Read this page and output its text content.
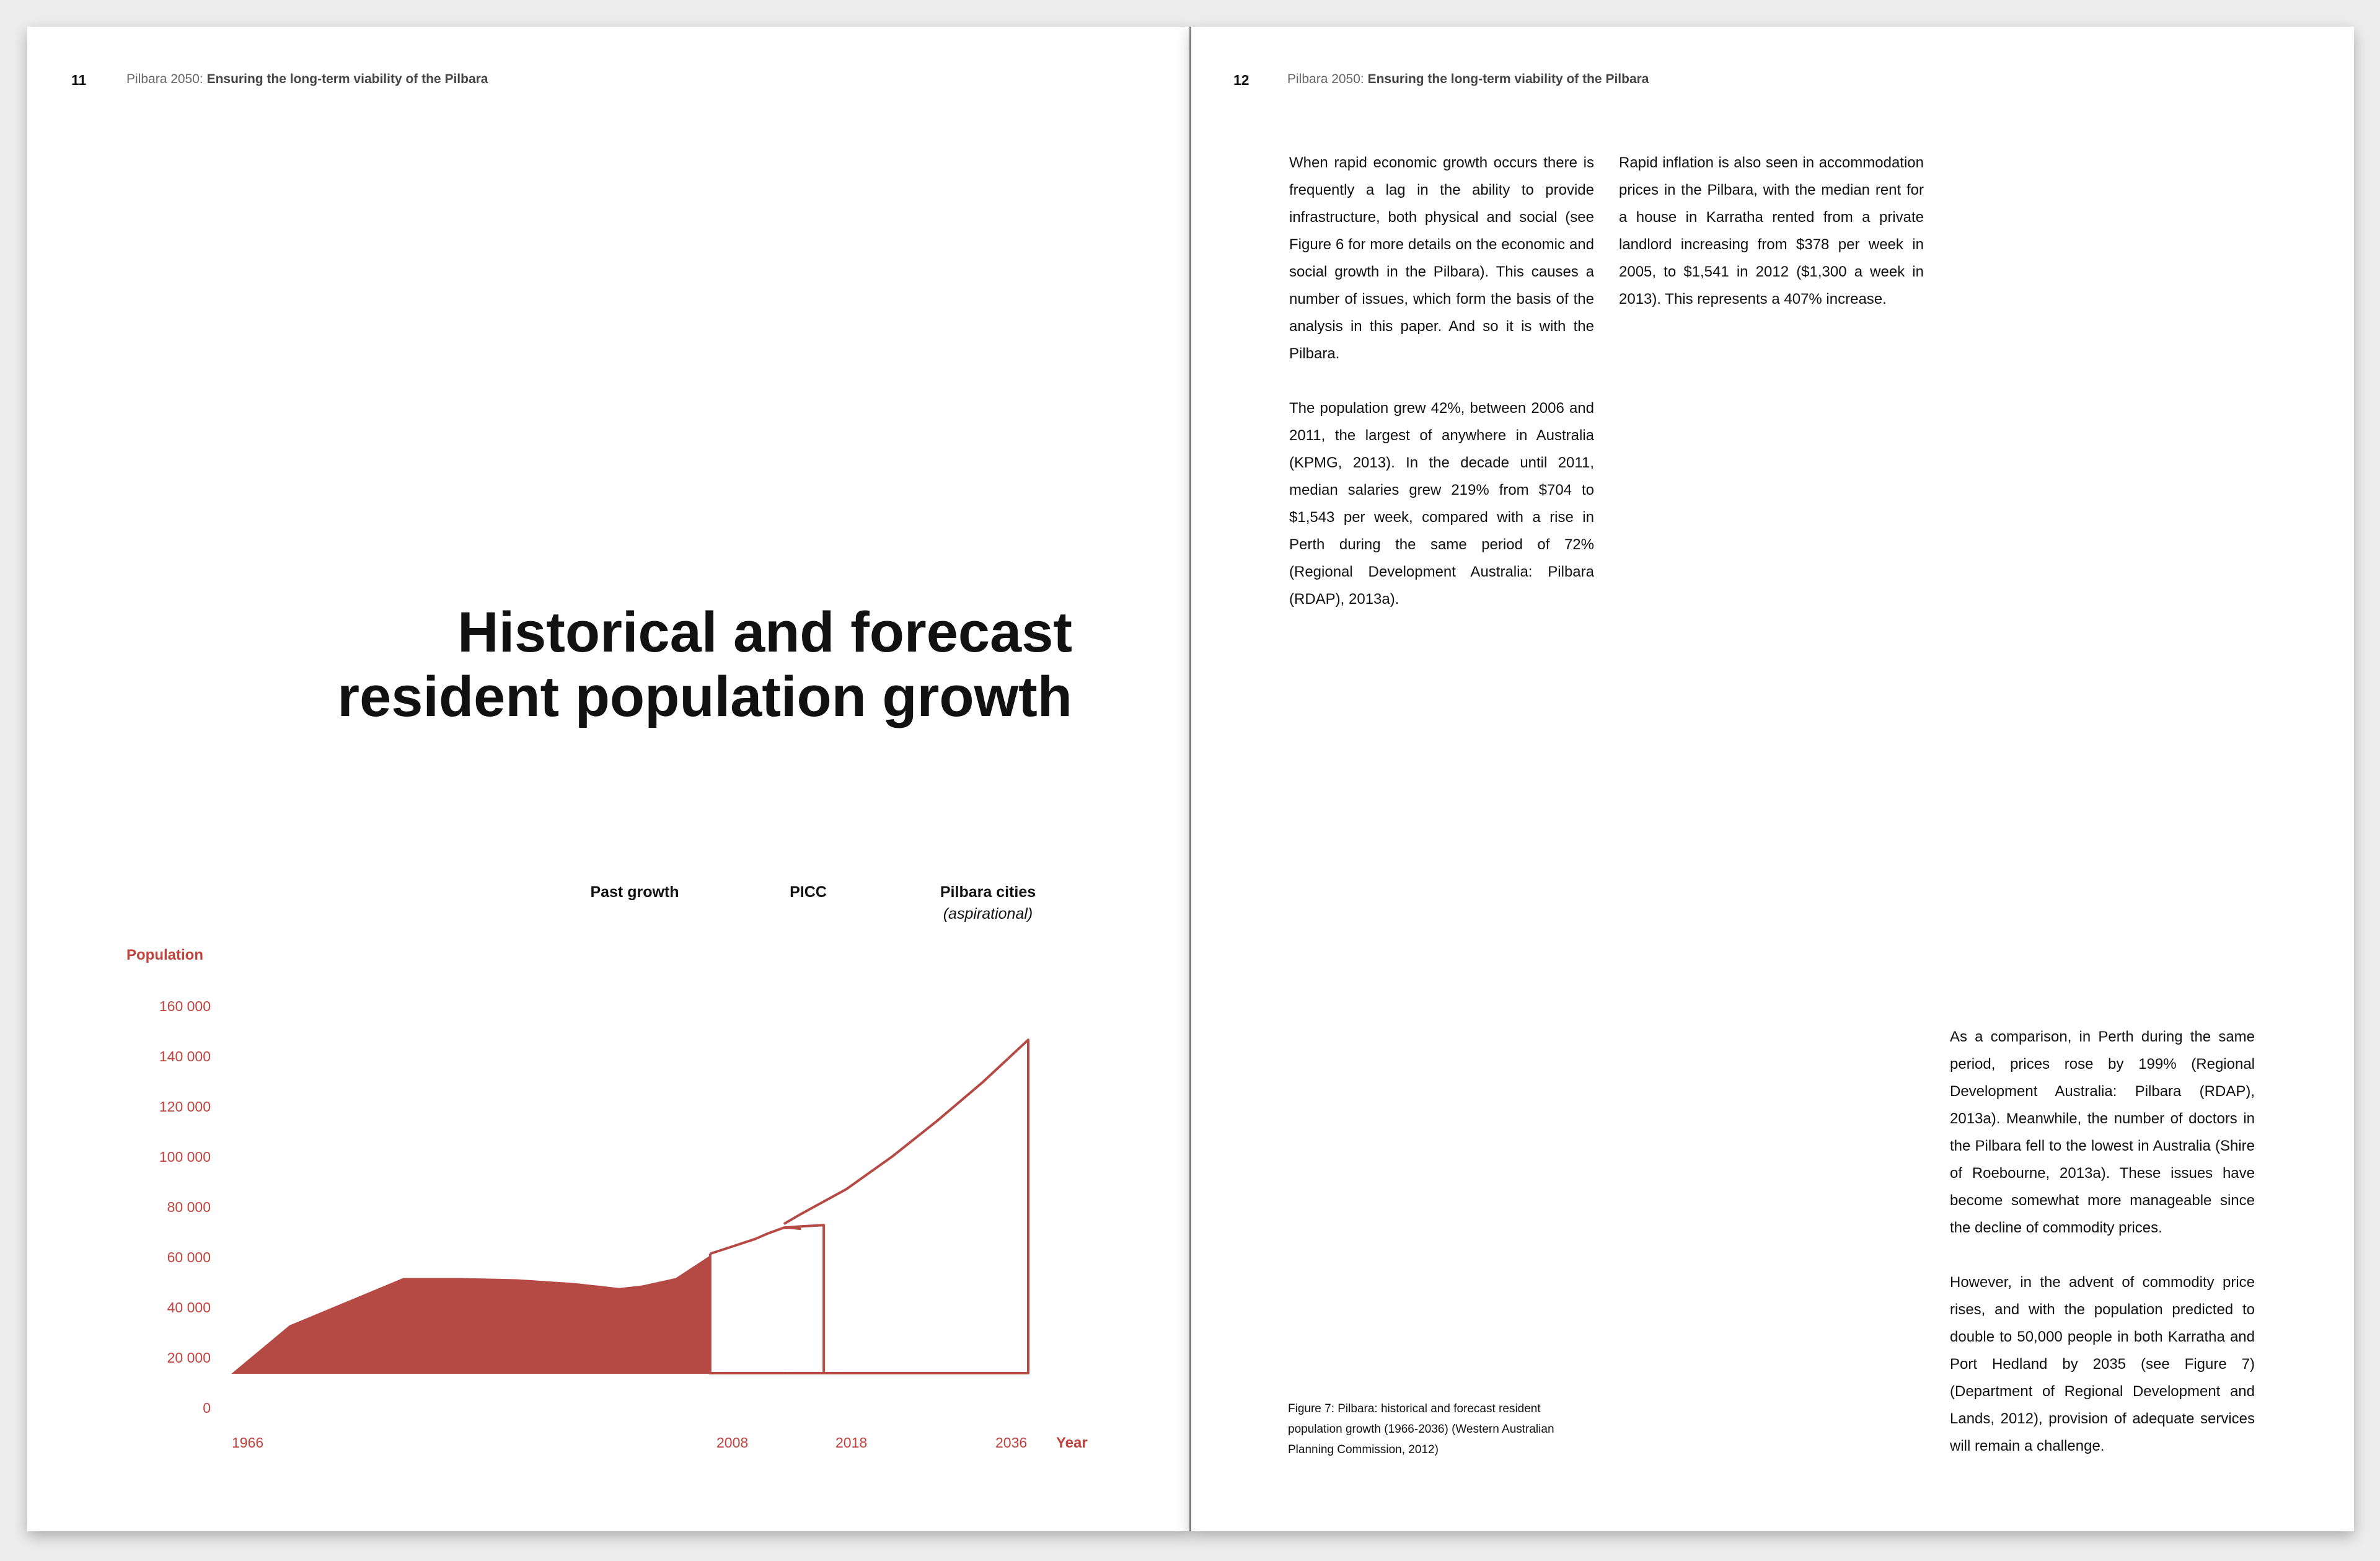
11	Pilbara 2050: Ensuring the long-term viability of the Pilbara
Historical and forecast
resident population growth
Past growth	PICC	Pilbara cities
(aspirational)
Population
Year
0
20 000
40 000
60 000
80 000
100 000
120 000
140 000
160 000
1966	2008	2018	2036
12	Pilbara 2050: Ensuring the long-term viability of the Pilbara

When rapid economic growth occurs there is frequently a lag in the ability to provide infrastructure, both physical and social (see Figure 6 for more details on the economic and social growth in the Pilbara). This causes a number of issues, which form the basis of the analysis in this paper. And so it is with the Pilbara.

The population grew 42%, between 2006 and 2011, the largest of anywhere in Australia (KPMG, 2013). In the decade until 2011, median salaries grew 219% from $704 to $1,543 per week, compared with a rise in Perth during the same period of 72% (Regional Development Australia: Pilbara (RDAP), 2013a).

Rapid inflation is also seen in accommodation prices in the Pilbara, with the median rent for a house in Karratha rented from a private landlord increasing from $378 per week in 2005, to $1,541 in 2012 ($1,300 a week in 2013). This represents a 407% increase.

As a comparison, in Perth during the same period, prices rose by 199% (Regional Development Australia: Pilbara (RDAP), 2013a). Meanwhile, the number of doctors in the Pilbara fell to the lowest in Australia (Shire of Roebourne, 2013a). These issues have become somewhat more manageable since the decline of commodity prices.

However, in the advent of commodity price rises, and with the population predicted to double to 50,000 people in both Karratha and Port Hedland by 2035 (see Figure 7) (Department of Regional Development and Lands, 2012), provision of adequate services will remain a challenge.

Figure 7: Pilbara: historical and forecast resident population growth (1966-2036) (Western Australian Planning Commission, 2012)
